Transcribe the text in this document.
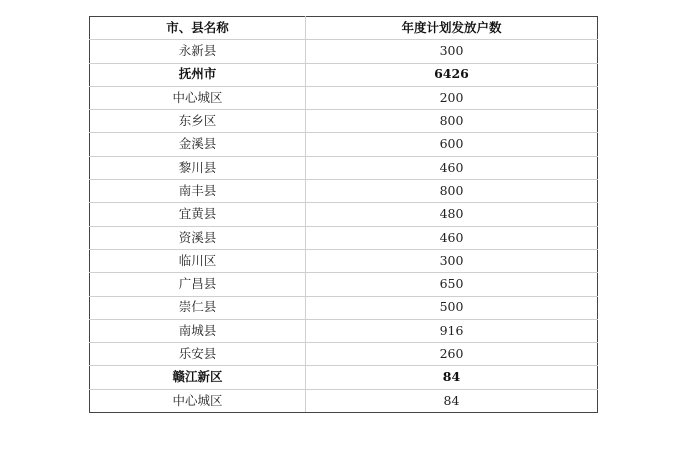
市、县名称	年度计划发放户数
永新县	300
抚州市	6426
中心城区	200
东乡区	800
金溪县	600
黎川县	460
南丰县	800
宜黄县	480
资溪县	460
临川区	300
广昌县	650
崇仁县	500
南城县	916
乐安县	260
赣江新区	84
中心城区	84
